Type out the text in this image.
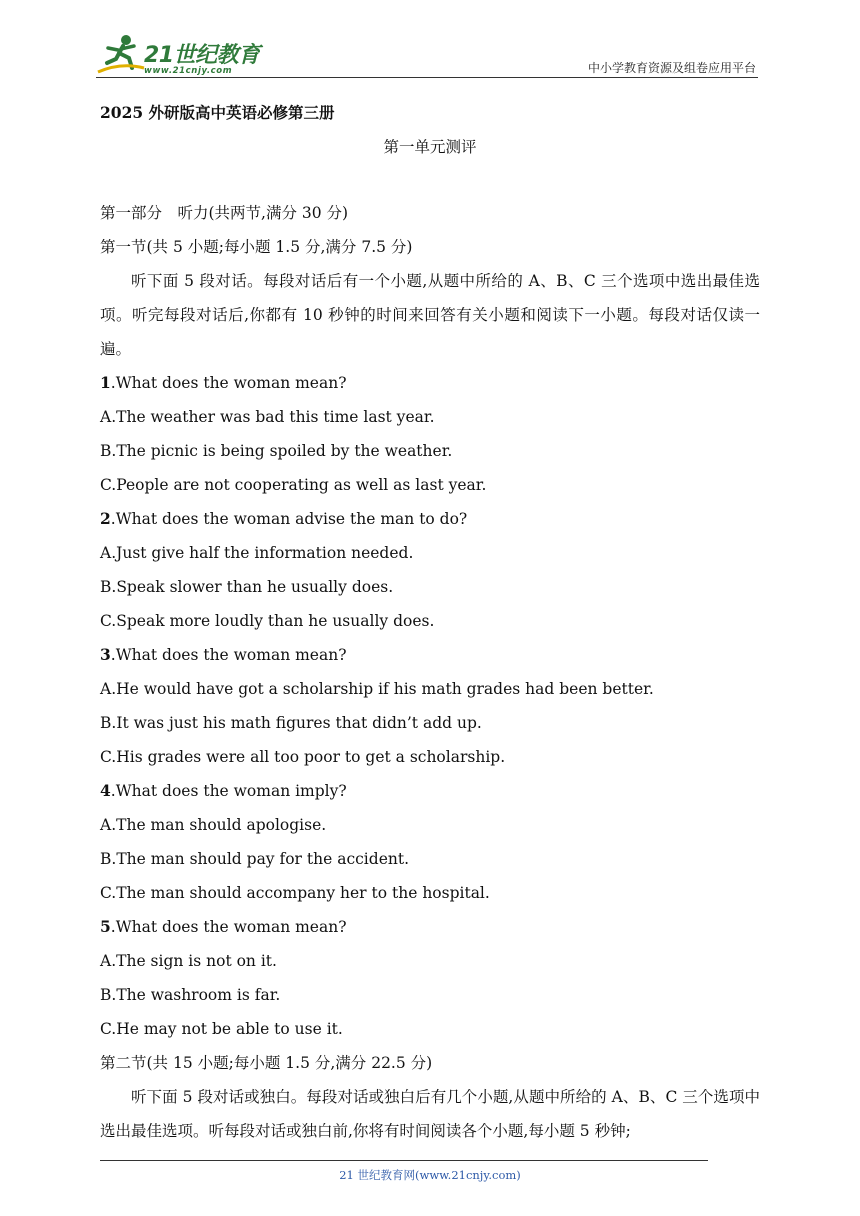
21世纪教育
www.21cnjy.com	中小学教育资源及组卷应用平台
2025 外研版高中英语必修第三册
第一单元测评
第一部分　听力(共两节,满分 30 分)
第一节(共 5 小题;每小题 1.5 分,满分 7.5 分)
听下面 5 段对话。每段对话后有一个小题,从题中所给的 A、B、C 三个选项中选出最佳选项。听完每段对话后,你都有 10 秒钟的时间来回答有关小题和阅读下一小题。每段对话仅读一遍。
1.What does the woman mean?
A.The weather was bad this time last year.
B.The picnic is being spoiled by the weather.
C.People are not cooperating as well as last year.
2.What does the woman advise the man to do?
A.Just give half the information needed.
B.Speak slower than he usually does.
C.Speak more loudly than he usually does.
3.What does the woman mean?
A.He would have got a scholarship if his math grades had been better.
B.It was just his math figures that didn’t add up.
C.His grades were all too poor to get a scholarship.
4.What does the woman imply?
A.The man should apologise.
B.The man should pay for the accident.
C.The man should accompany her to the hospital.
5.What does the woman mean?
A.The sign is not on it.
B.The washroom is far.
C.He may not be able to use it.
第二节(共 15 小题;每小题 1.5 分,满分 22.5 分)
听下面 5 段对话或独白。每段对话或独白后有几个小题,从题中所给的 A、B、C 三个选项中选出最佳选项。听每段对话或独白前,你将有时间阅读各个小题,每小题 5 秒钟;
21 世纪教育网(www.21cnjy.com)
